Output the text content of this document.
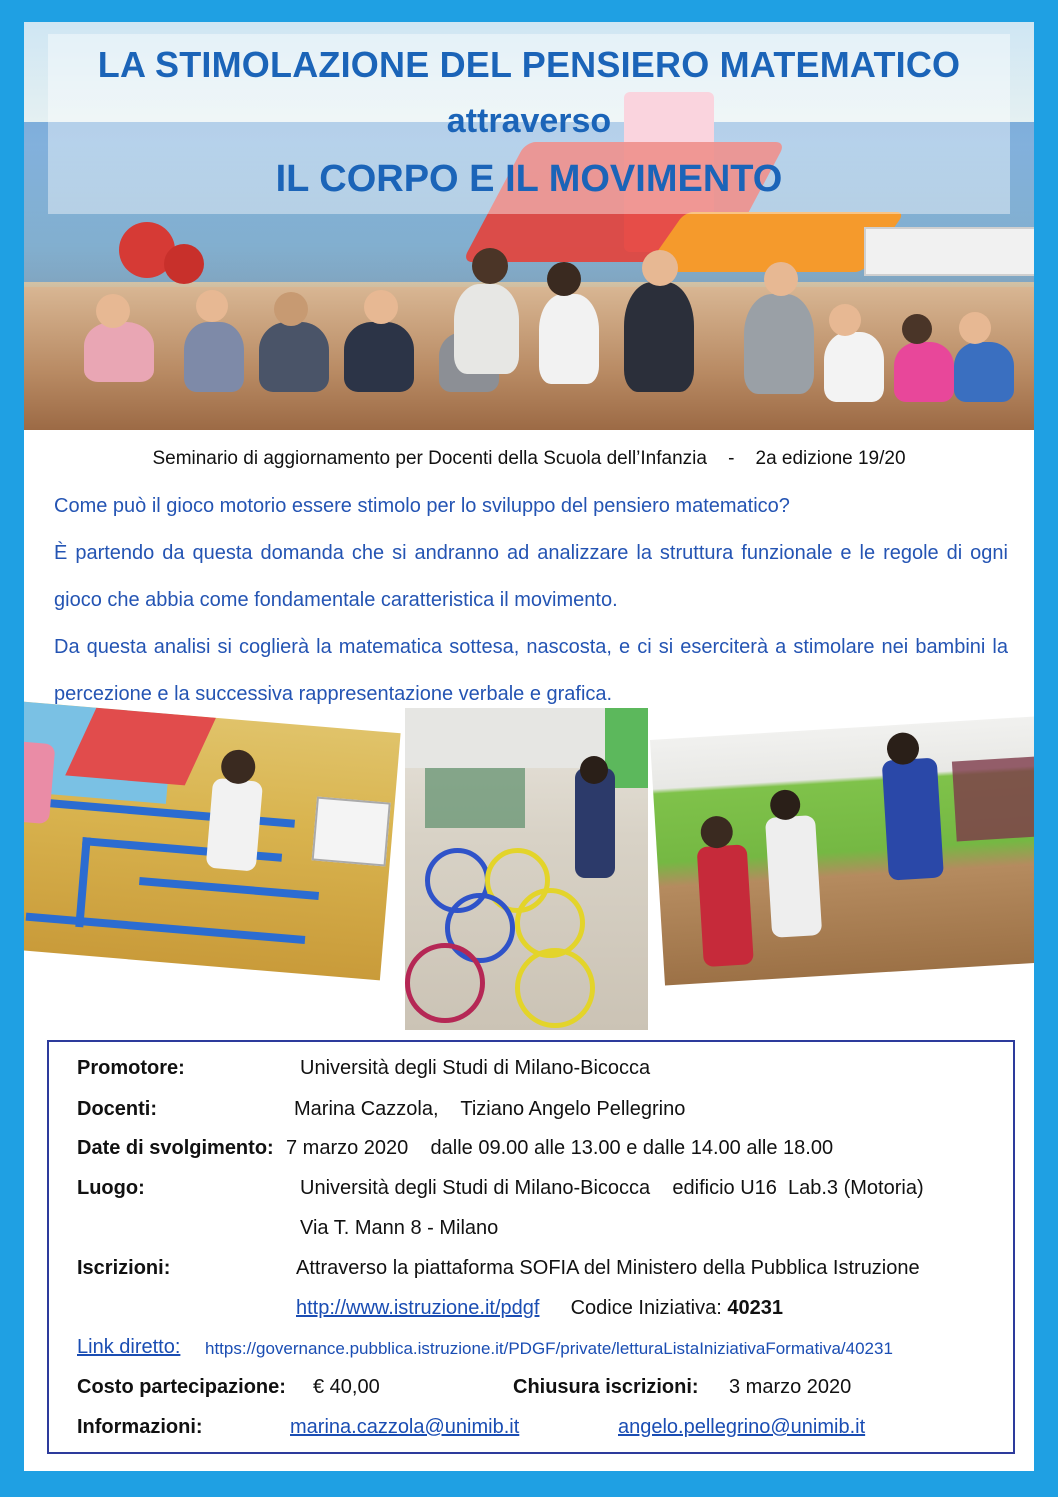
LA STIMOLAZIONE DEL PENSIERO MATEMATICO
attraverso
IL CORPO E IL MOVIMENTO
Seminario di aggiornamento per Docenti della Scuola dell’Infanzia    -    2a edizione 19/20

Come può il gioco motorio essere stimolo per lo sviluppo del pensiero matematico?

È partendo da questa domanda che si andranno ad analizzare la struttura funzionale e le regole di ogni gioco che abbia come fondamentale caratteristica il movimento.

Da questa analisi si coglierà la matematica sottesa, nascosta, e ci si eserciterà a stimolare nei bambini la percezione e la successiva rappresentazione verbale e grafica.

Promotore:	Università degli Studi di Milano-Bicocca
Docenti:	Marina Cazzola,    Tiziano Angelo Pellegrino
Date di svolgimento: 7 marzo 2020    dalle 09.00 alle 13.00 e dalle 14.00 alle 18.00
Luogo:	Università degli Studi di Milano-Bicocca    edificio U16  Lab.3 (Motoria)
Via T. Mann 8 - Milano
Iscrizioni:	Attraverso la piattaforma SOFIA del Ministero della Pubblica Istruzione
http://www.istruzione.it/pdgf Codice Iniziativa: 40231
Link diretto: https://governance.pubblica.istruzione.it/PDGF/private/letturaListaIniziativaFormativa/40231
Costo partecipazione: € 40,00	Chiusura iscrizioni: 3 marzo 2020
Informazioni:	marina.cazzola@unimib.it	angelo.pellegrino@unimib.it
